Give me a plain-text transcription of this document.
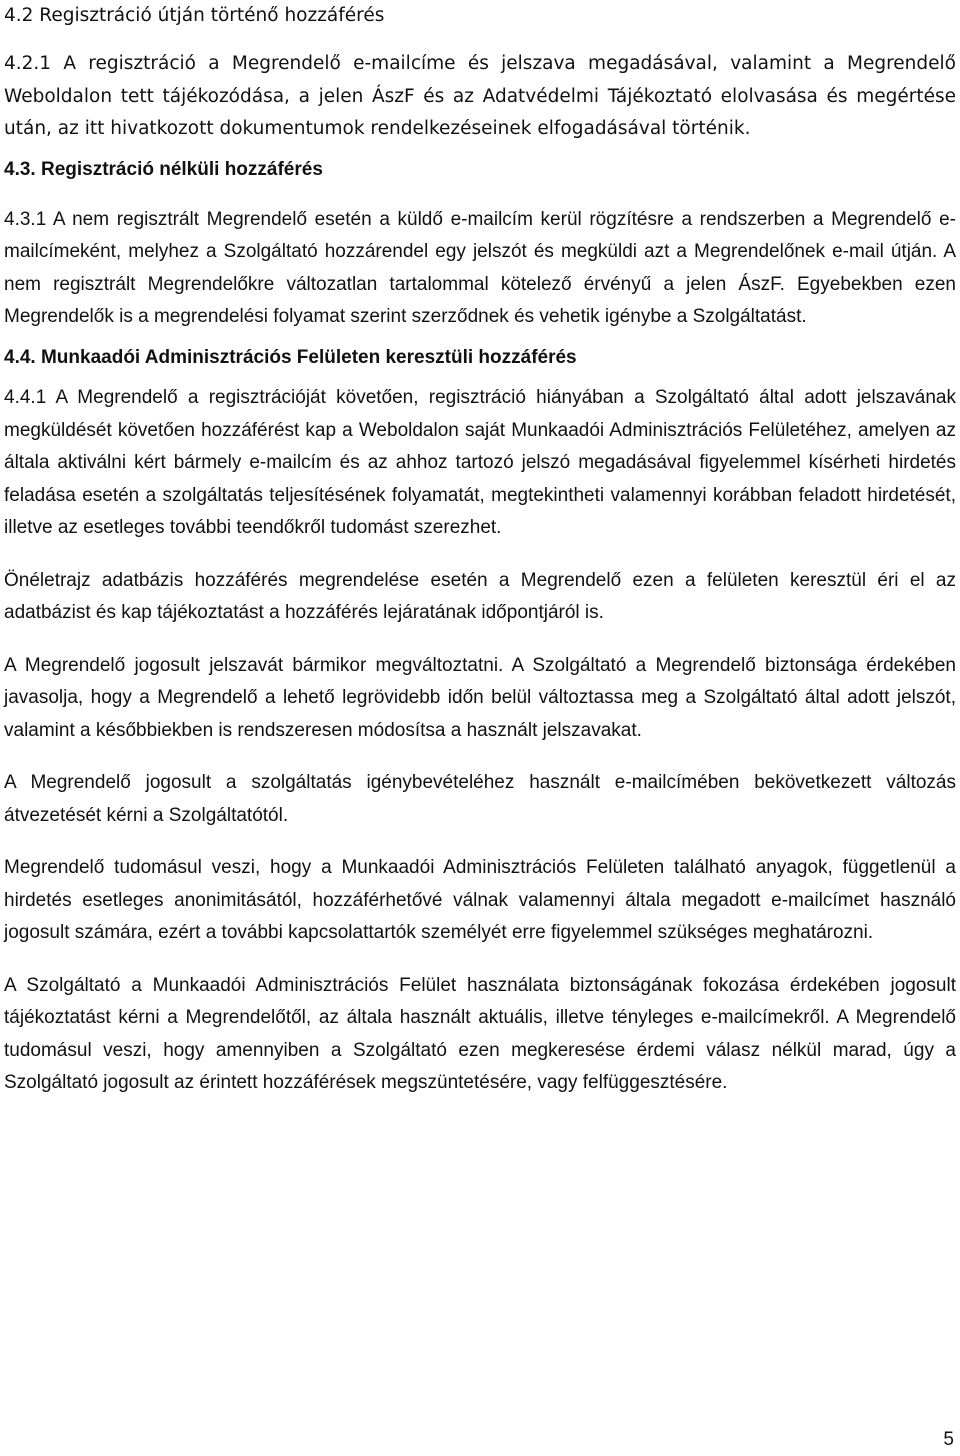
4.2 Regisztráció útján történő hozzáférés

4.2.1 A regisztráció a Megrendelő e-mailcíme és jelszava megadásával, valamint a Megrendelő Weboldalon tett tájékozódása, a jelen ÁszF és az Adatvédelmi Tájékoztató elolvasása és megértése után, az itt hivatkozott dokumentumok rendelkezéseinek elfogadásával történik.

4.3. Regisztráció nélküli hozzáférés

4.3.1 A nem regisztrált Megrendelő esetén a küldő e-mailcím kerül rögzítésre a rendszerben a Megrendelő e-mailcímeként, melyhez a Szolgáltató hozzárendel egy jelszót és megküldi azt a Megrendelőnek e-mail útján. A nem regisztrált Megrendelőkre változatlan tartalommal kötelező érvényű a jelen ÁszF. Egyebekben ezen Megrendelők is a megrendelési folyamat szerint szerződnek és vehetik igénybe a Szolgáltatást.

4.4. Munkaadói Adminisztrációs Felületen keresztüli hozzáférés

4.4.1 A Megrendelő a regisztrációját követően, regisztráció hiányában a Szolgáltató által adott jelszavának megküldését követően hozzáférést kap a Weboldalon saját Munkaadói Adminisztrációs Felületéhez, amelyen az általa aktiválni kért bármely e-mailcím és az ahhoz tartozó jelszó megadásával figyelemmel kísérheti hirdetés feladása esetén a szolgáltatás teljesítésének folyamatát, megtekintheti valamennyi korábban feladott hirdetését, illetve az esetleges további teendőkről tudomást szerezhet.

Önéletrajz adatbázis hozzáférés megrendelése esetén a Megrendelő ezen a felületen keresztül éri el az adatbázist és kap tájékoztatást a hozzáférés lejáratának időpontjáról is.

A Megrendelő jogosult jelszavát bármikor megváltoztatni. A Szolgáltató a Megrendelő biztonsága érdekében javasolja, hogy a Megrendelő a lehető legrövidebb időn belül változtassa meg a Szolgáltató által adott jelszót, valamint a későbbiekben is rendszeresen módosítsa a használt jelszavakat.

A Megrendelő jogosult a szolgáltatás igénybevételéhez használt e-mailcímében bekövetkezett változás átvezetését kérni a Szolgáltatótól.

Megrendelő tudomásul veszi, hogy a Munkaadói Adminisztrációs Felületen található anyagok, függetlenül a hirdetés esetleges anonimitásától, hozzáférhetővé válnak valamennyi általa megadott e-mailcímet használó jogosult számára, ezért a további kapcsolattartók személyét erre figyelemmel szükséges meghatározni.

A Szolgáltató a Munkaadói Adminisztrációs Felület használata biztonságának fokozása érdekében jogosult tájékoztatást kérni a Megrendelőtől, az általa használt aktuális, illetve tényleges e-mailcímekről. A Megrendelő tudomásul veszi, hogy amennyiben a Szolgáltató ezen megkeresése érdemi válasz nélkül marad, úgy a Szolgáltató jogosult az érintett hozzáférések megszüntetésére, vagy felfüggesztésére.

5
